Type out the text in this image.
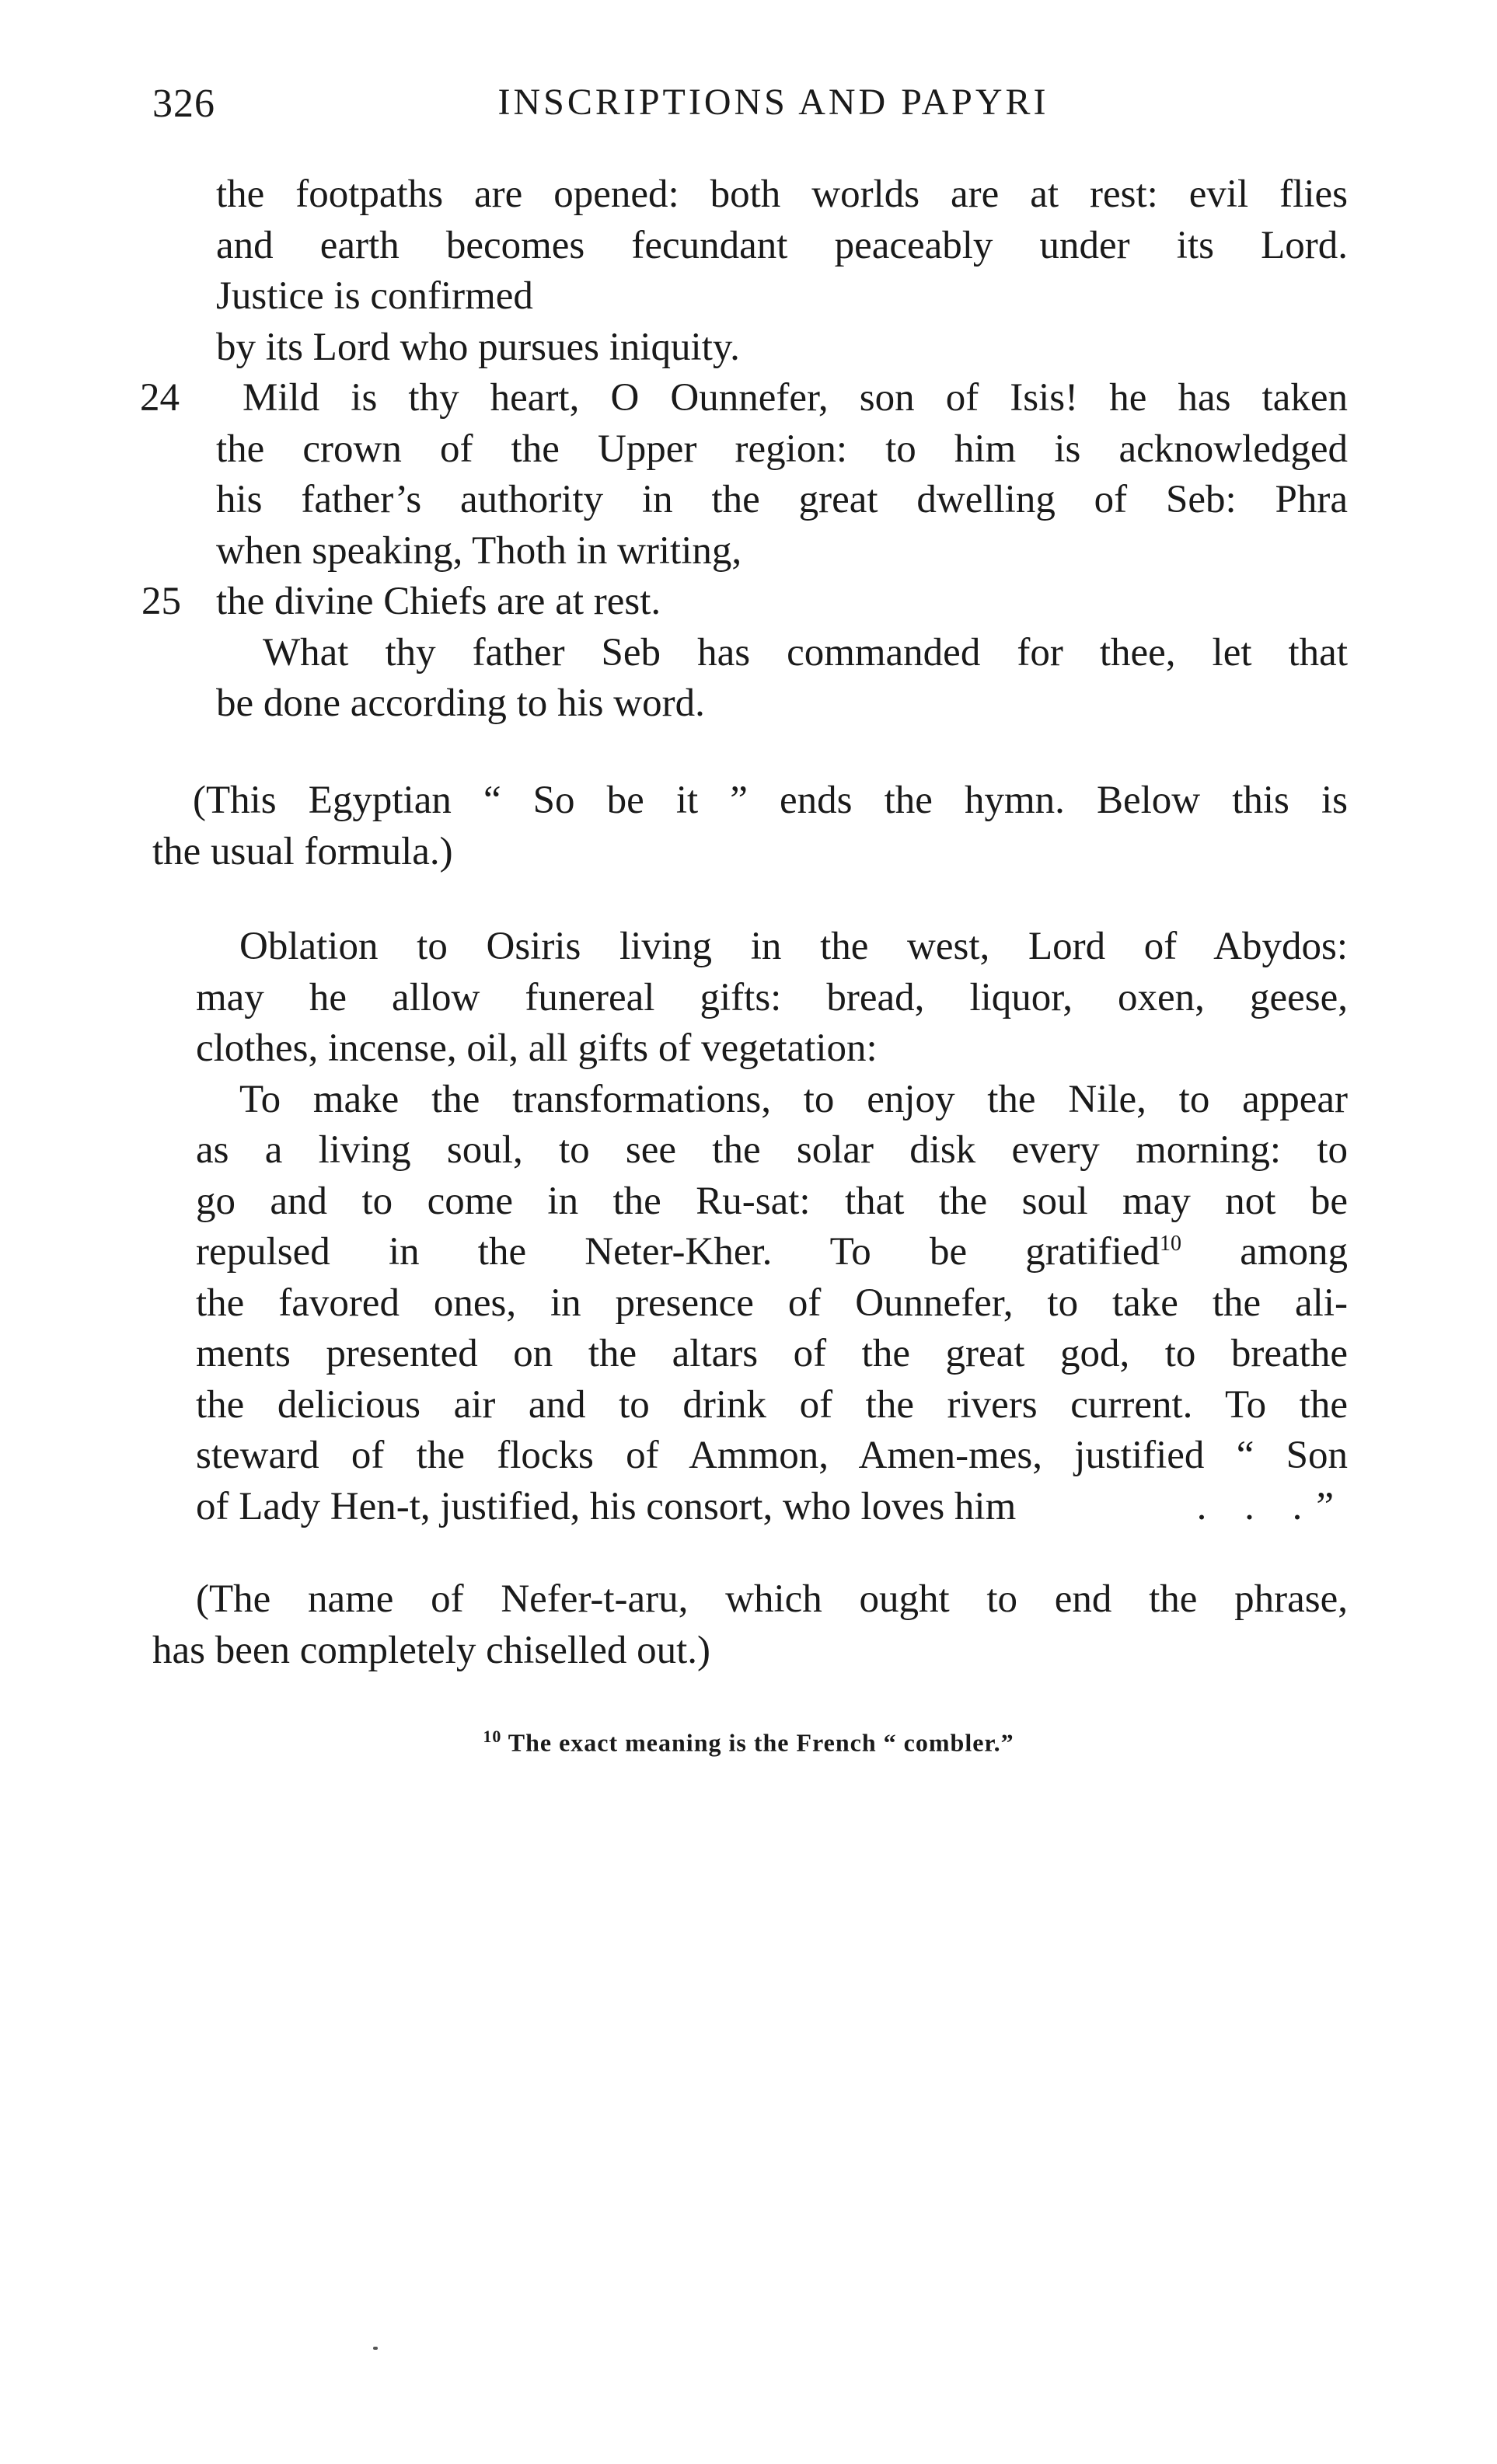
326	INSCRIPTIONS AND PAPYRI
the footpaths are opened: both worlds are at rest: evil flies
and earth becomes fecundant peaceably under its Lord.
Justice is confirmed
by its Lord who pursues iniquity.
24	Mild is thy heart, O Ounnefer, son of Isis! he has taken
the crown of the Upper region: to him is acknowledged
his father’s authority in the great dwelling of Seb: Phra
when speaking, Thoth in writing,
25 the divine Chiefs are at rest.
What thy father Seb has commanded for thee, let that
be done according to his word.
(This Egyptian “ So be it ” ends the hymn. Below this is
the usual formula.)
Oblation to Osiris living in the west, Lord of Abydos:
may he allow funereal gifts: bread, liquor, oxen, geese,
clothes, incense, oil, all gifts of vegetation:
To make the transformations, to enjoy the Nile, to appear
as a living soul, to see the solar disk every morning: to
go and to come in the Ru-sat: that the soul may not be
repulsed in the Neter-Kher. To be gratified$^{10}$ among
the favored ones, in presence of Ounnefer, to take the ali-
ments presented on the altars of the great god, to breathe
the delicious air and to drink of the rivers current. To the
steward of the flocks of Ammon, Amen-mes, justified “ Son
of Lady Hen-t, justified, his consort, who loves him	. . .”
(The name of Nefer-t-aru, which ought to end the phrase,
has been completely chiselled out.)
$^{10}$ The exact meaning is the French “ combler.”
